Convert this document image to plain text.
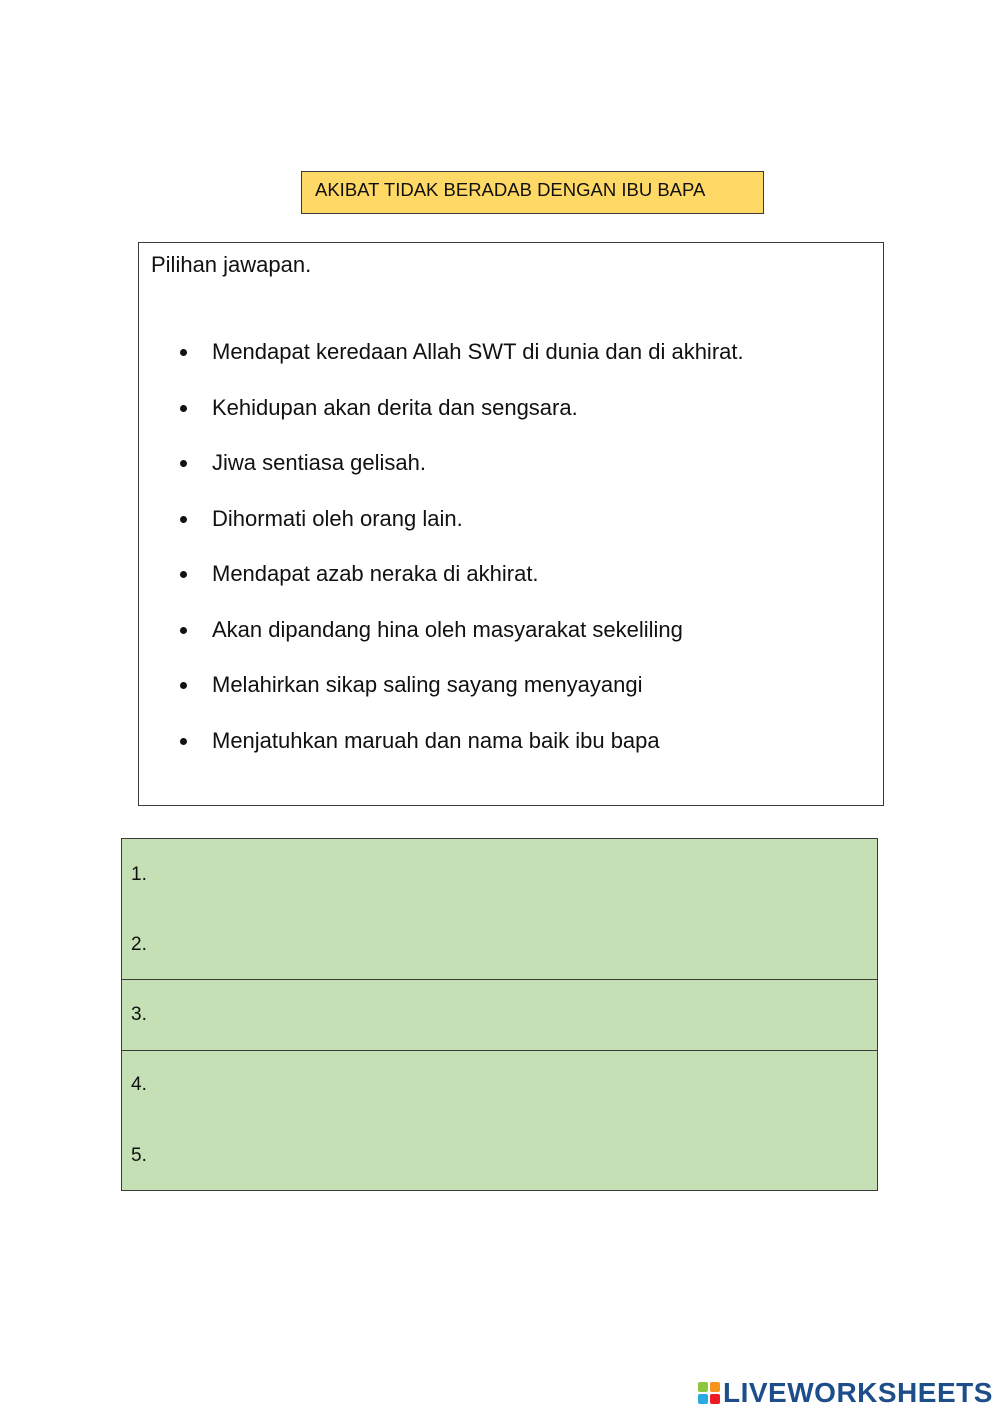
AKIBAT TIDAK BERADAB DENGAN IBU BAPA
Pilihan jawapan.
Mendapat keredaan Allah SWT di dunia dan di akhirat.
Kehidupan akan derita dan sengsara.
Jiwa sentiasa gelisah.
Dihormati oleh orang lain.
Mendapat azab neraka di akhirat.
Akan dipandang hina oleh masyarakat sekeliling
Melahirkan sikap saling sayang menyayangi
Menjatuhkan maruah dan nama baik ibu bapa
1.
2.
3.
4.
5.
LIVEWORKSHEETS
